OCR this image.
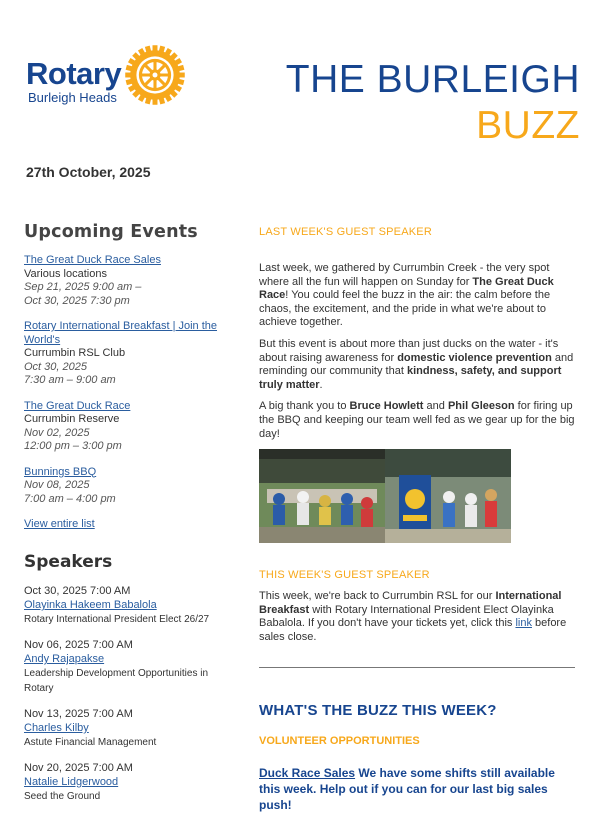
Rotary
Burleigh Heads	THE BURLEIGH
BUZZ
27th October, 2025
Upcoming Events
The Great Duck Race Sales
Various locations
Sep 21, 2025 9:00 am –
Oct 30, 2025 7:30 pm
Rotary International Breakfast | Join the World's
Currumbin RSL Club
Oct 30, 2025
7:30 am – 9:00 am
The Great Duck Race
Currumbin Reserve
Nov 02, 2025
12:00 pm – 3:00 pm
Bunnings BBQ
Nov 08, 2025
7:00 am – 4:00 pm
View entire list
Speakers
Oct 30, 2025 7:00 AM
Olayinka Hakeem Babalola
Rotary International President Elect 26/27
Nov 06, 2025 7:00 AM
Andy Rajapakse
Leadership Development Opportunities in Rotary
Nov 13, 2025 7:00 AM
Charles Kilby
Astute Financial Management
Nov 20, 2025 7:00 AM
Natalie Lidgerwood
Seed the Ground
LAST WEEK'S GUEST SPEAKER

Last week, we gathered by Currumbin Creek - the very spot where all the fun will happen on Sunday for The Great Duck Race! You could feel the buzz in the air: the calm before the chaos, the excitement, and the pride in what we're about to achieve together.

But this event is about more than just ducks on the water - it's about raising awareness for domestic violence prevention and reminding our community that kindness, safety, and support truly matter.

A big thank you to Bruce Howlett and Phil Gleeson for firing up the BBQ and keeping our team well fed as we gear up for the big day!

THIS WEEK'S GUEST SPEAKER

This week, we're back to Currumbin RSL for our International Breakfast with Rotary International President Elect Olayinka Babalola. If you don't have your tickets yet, click this link before sales close.

WHAT'S THE BUZZ THIS WEEK?
VOLUNTEER OPPORTUNITIES

Duck Race Sales We have some shifts still available this week. Help out if you can for our last big sales push!
